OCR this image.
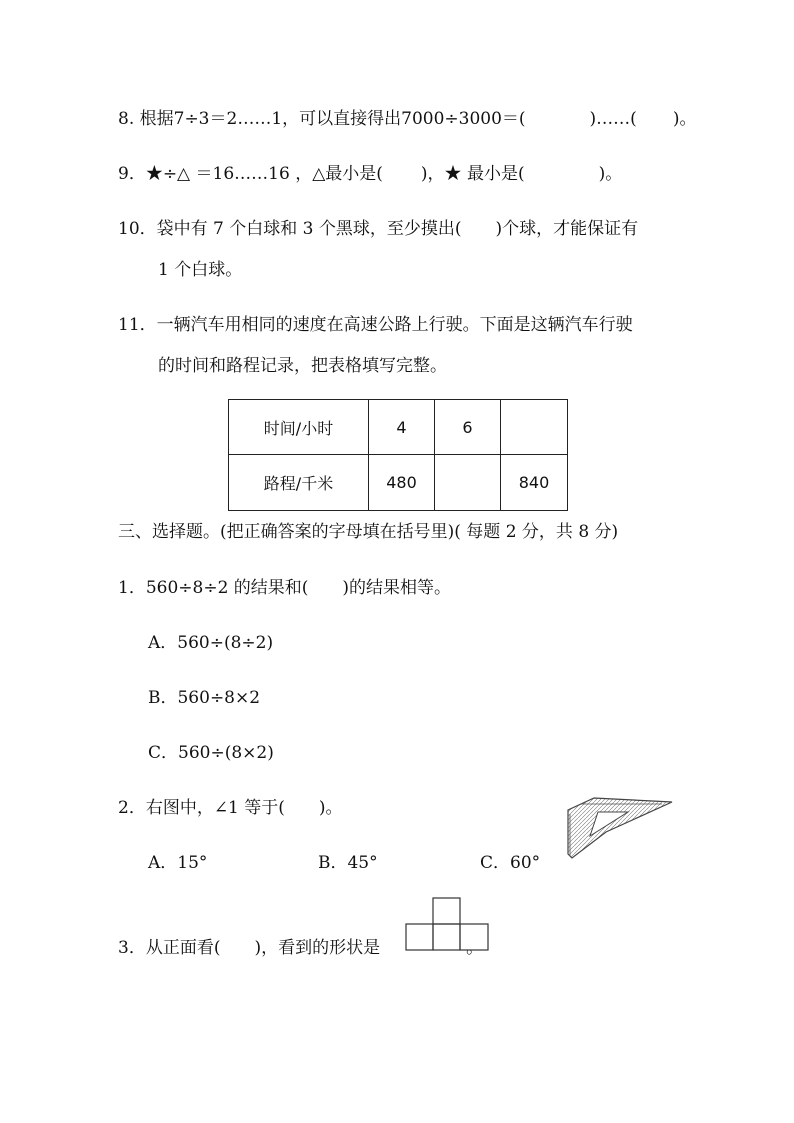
8. 根据7÷3＝2……1，可以直接得出7000÷3000＝(	)……( )。
9．★÷△ ＝16……16 ，△最小是( )，★ 最小是(	)。
10．袋中有 7 个白球和 3 个黑球，至少摸出( )个球，才能保证有
1 个白球。
11．一辆汽车用相同的速度在高速公路上行驶。下面是这辆汽车行驶
的时间和路程记录，把表格填写完整。
时间/小时	4	6	
路程/千米	480		840
三、选择题。(把正确答案的字母填在括号里)( 每题 2 分，共 8 分)
1．560÷8÷2 的结果和( )的结果相等。
A．560÷(8÷2)
B．560÷8×2
C．560÷(8×2)
2．右图中，∠1 等于( )。
A．15°	B．45°	C．60°
3．从正面看( )，看到的形状是	。
